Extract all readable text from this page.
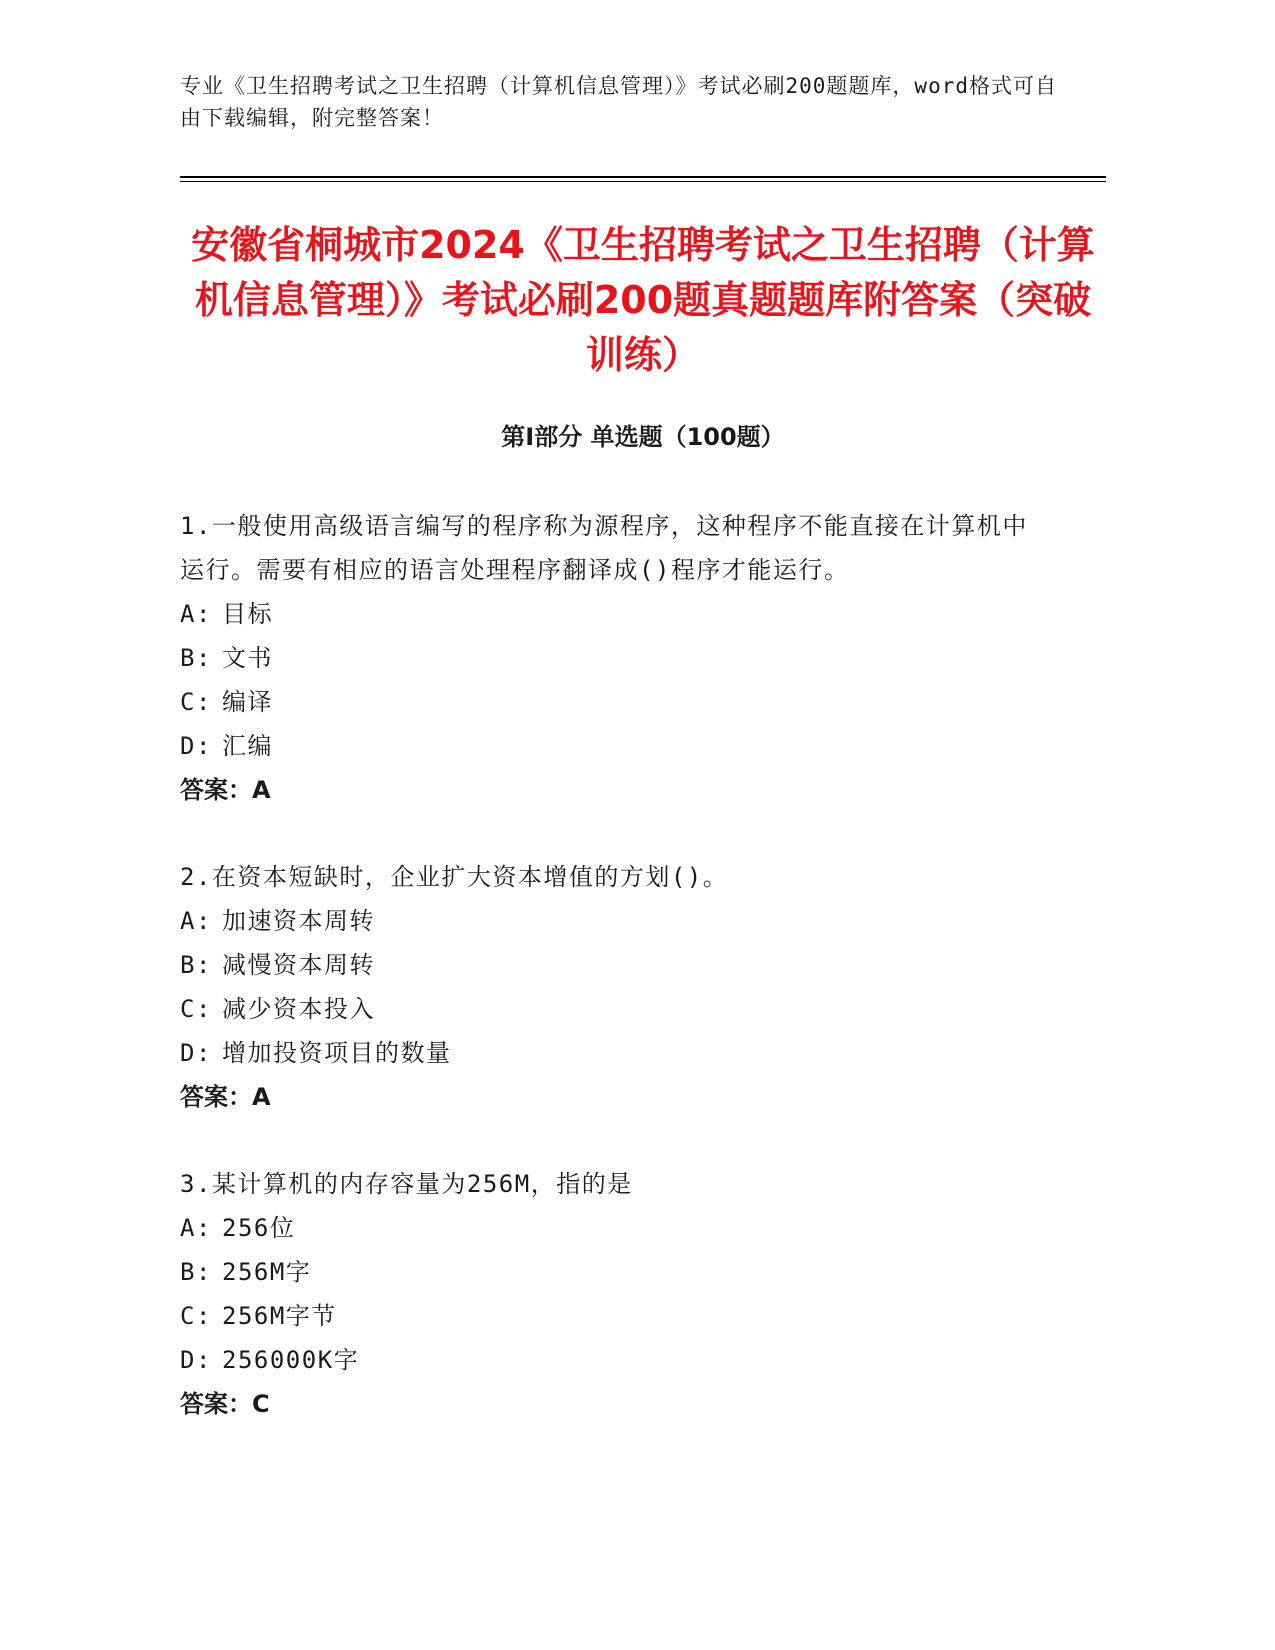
专业《卫生招聘考试之卫生招聘（计算机信息管理）》考试必刷200题题库，word格式可自由下载编辑，附完整答案！
安徽省桐城市2024《卫生招聘考试之卫生招聘（计算机信息管理）》考试必刷200题真题题库附答案（突破训练）
第Ⅰ部分 单选题（100题）
1.一般使用高级语言编写的程序称为源程序，这种程序不能直接在计算机中运行。需要有相应的语言处理程序翻译成()程序才能运行。
A: 目标
B: 文书
C: 编译
D: 汇编
答案：A
2.在资本短缺时，企业扩大资本增值的方划()。
A: 加速资本周转
B: 减慢资本周转
C: 减少资本投入
D: 增加投资项目的数量
答案：A
3.某计算机的内存容量为256M，指的是
A: 256位
B: 256M字
C: 256M字节
D: 256000K字
答案：C
